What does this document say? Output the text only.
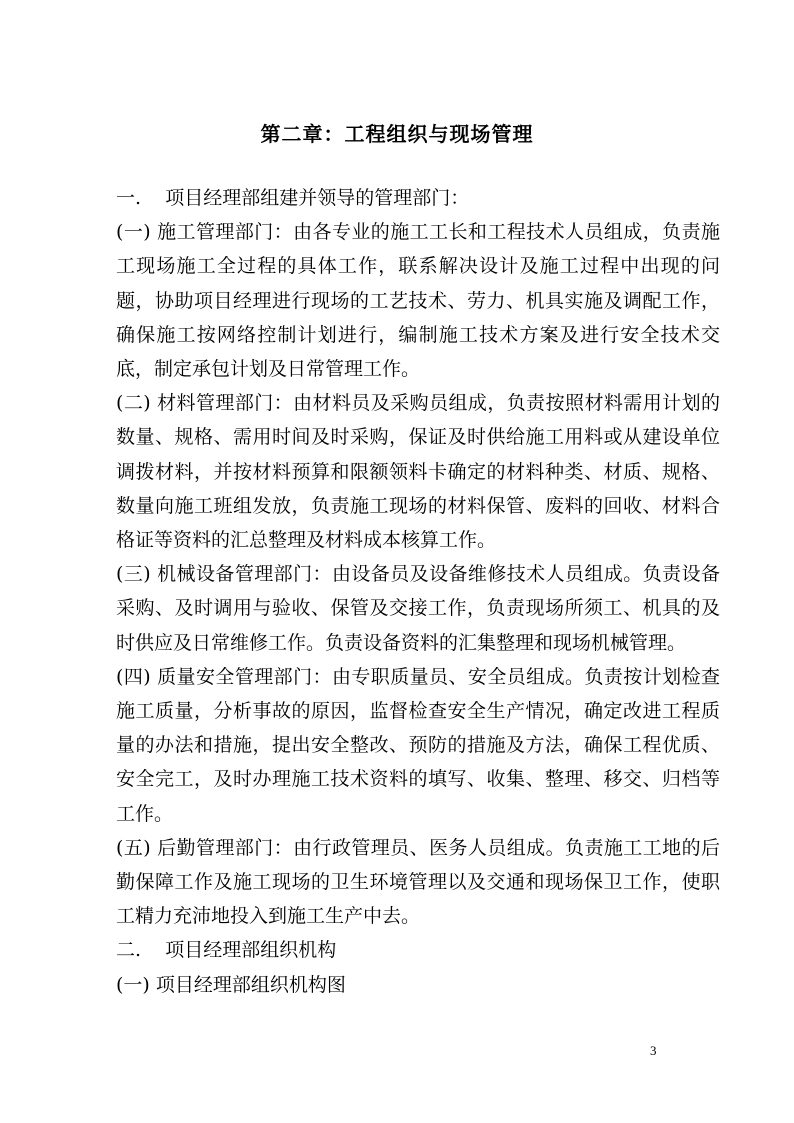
第二章：工程组织与现场管理

一.    项目经理部组建并领导的管理部门：

(一) 施工管理部门：由各专业的施工工长和工程技术人员组成，负责施工现场施工全过程的具体工作，联系解决设计及施工过程中出现的问题，协助项目经理进行现场的工艺技术、劳力、机具实施及调配工作，确保施工按网络控制计划进行，编制施工技术方案及进行安全技术交底，制定承包计划及日常管理工作。

(二) 材料管理部门：由材料员及采购员组成，负责按照材料需用计划的数量、规格、需用时间及时采购，保证及时供给施工用料或从建设单位调拨材料，并按材料预算和限额领料卡确定的材料种类、材质、规格、数量向施工班组发放，负责施工现场的材料保管、废料的回收、材料合格证等资料的汇总整理及材料成本核算工作。

(三) 机械设备管理部门：由设备员及设备维修技术人员组成。负责设备采购、及时调用与验收、保管及交接工作，负责现场所须工、机具的及时供应及日常维修工作。负责设备资料的汇集整理和现场机械管理。

(四) 质量安全管理部门：由专职质量员、安全员组成。负责按计划检查施工质量，分析事故的原因，监督检查安全生产情况，确定改进工程质量的办法和措施，提出安全整改、预防的措施及方法，确保工程优质、安全完工，及时办理施工技术资料的填写、收集、整理、移交、归档等工作。

(五) 后勤管理部门：由行政管理员、医务人员组成。负责施工工地的后勤保障工作及施工现场的卫生环境管理以及交通和现场保卫工作，使职工精力充沛地投入到施工生产中去。

二.    项目经理部组织机构

(一) 项目经理部组织机构图

3
